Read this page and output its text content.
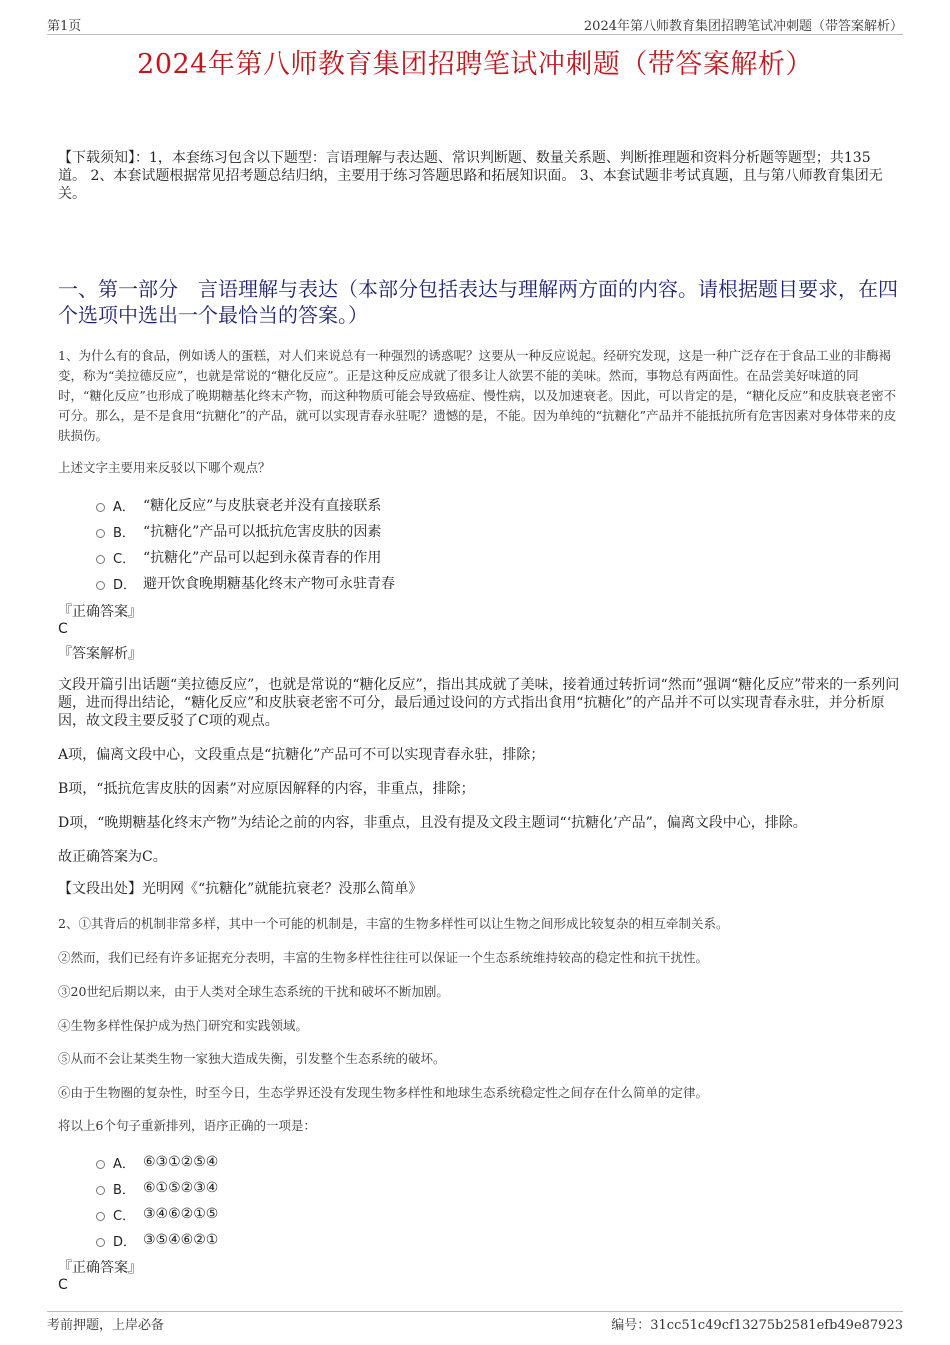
第1页	2024年第八师教育集团招聘笔试冲刺题（带答案解析）
2024年第八师教育集团招聘笔试冲刺题（带答案解析）
【下载须知】：1，本套练习包含以下题型：言语理解与表达题、常识判断题、数量关系题、判断推理题和资料分析题等题型；共135道。 2、本套试题根据常见招考题总结归纳，主要用于练习答题思路和拓展知识面。 3、本套试题非考试真题，且与第八师教育集团无关。
一、第一部分　言语理解与表达（本部分包括表达与理解两方面的内容。请根据题目要求，在四个选项中选出一个最恰当的答案。）
1、为什么有的食品，例如诱人的蛋糕，对人们来说总有一种强烈的诱惑呢？这要从一种反应说起。经研究发现，这是一种广泛存在于食品工业的非酶褐变，称为“美拉德反应”，也就是常说的“糖化反应”。正是这种反应成就了很多让人欲罢不能的美味。然而，事物总有两面性。在品尝美好味道的同时，“糖化反应”也形成了晚期糖基化终末产物，而这种物质可能会导致癌症、慢性病，以及加速衰老。因此，可以肯定的是，“糖化反应”和皮肤衰老密不可分。那么，是不是食用“抗糖化”的产品，就可以实现青春永驻呢？遗憾的是，不能。因为单纯的“抗糖化”产品并不能抵抗所有危害因素对身体带来的皮肤损伤。
上述文字主要用来反驳以下哪个观点？
A． “糖化反应”与皮肤衰老并没有直接联系
B． “抗糖化”产品可以抵抗危害皮肤的因素
C． “抗糖化”产品可以起到永葆青春的作用
D． 避开饮食晚期糖基化终末产物可永驻青春
『正确答案』
C
『答案解析』
文段开篇引出话题“美拉德反应”，也就是常说的“糖化反应”，指出其成就了美味，接着通过转折词“然而”强调“糖化反应”带来的一系列问题，进而得出结论，“糖化反应”和皮肤衰老密不可分，最后通过设问的方式指出食用“抗糖化”的产品并不可以实现青春永驻，并分析原因，故文段主要反驳了C项的观点。
A项，偏离文段中心，文段重点是“抗糖化”产品可不可以实现青春永驻，排除；
B项，“抵抗危害皮肤的因素”对应原因解释的内容，非重点，排除；
D项，“晚期糖基化终末产物”为结论之前的内容，非重点，且没有提及文段主题词“‘抗糖化’产品”，偏离文段中心，排除。
故正确答案为C。
【文段出处】光明网《“抗糖化”就能抗衰老？没那么简单》
2、①其背后的机制非常多样，其中一个可能的机制是，丰富的生物多样性可以让生物之间形成比较复杂的相互牵制关系。
②然而，我们已经有许多证据充分表明，丰富的生物多样性往往可以保证一个生态系统维持较高的稳定性和抗干扰性。
③20世纪后期以来，由于人类对全球生态系统的干扰和破坏不断加剧。
④生物多样性保护成为热门研究和实践领域。
⑤从而不会让某类生物一家独大造成失衡，引发整个生态系统的破坏。
⑥由于生物圈的复杂性，时至今日，生态学界还没有发现生物多样性和地球生态系统稳定性之间存在什么简单的定律。
将以上6个句子重新排列，语序正确的一项是：
A． ⑥③①②⑤④
B． ⑥①⑤②③④
C． ③④⑥②①⑤
D． ③⑤④⑥②①
『正确答案』
C
考前押题，上岸必备	编号：31cc51c49cf13275b2581efb49e87923
